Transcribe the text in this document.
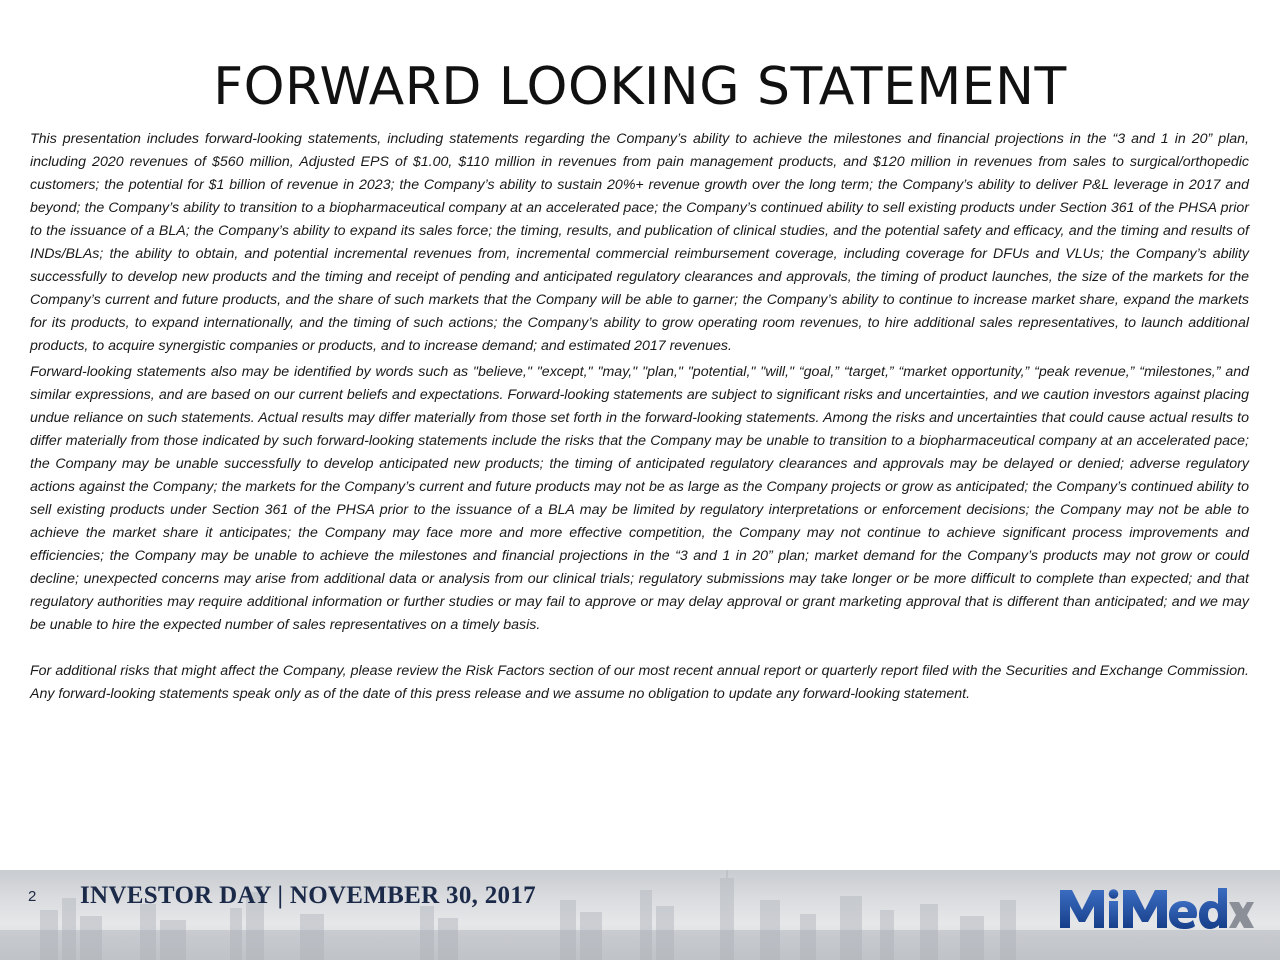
FORWARD LOOKING STATEMENT

This presentation includes forward-looking statements, including statements regarding the Company’s ability to achieve the milestones and financial projections in the “3 and 1 in 20” plan, including 2020 revenues of $560 million, Adjusted EPS of $1.00, $110 million in revenues from pain management products, and $120 million in revenues from sales to surgical/orthopedic customers; the potential for $1 billion of revenue in 2023; the Company’s ability to sustain 20%+ revenue growth over the long term; the Company’s ability to deliver P&L leverage in 2017 and beyond; the Company’s ability to transition to a biopharmaceutical company at an accelerated pace; the Company’s continued ability to sell existing products under Section 361 of the PHSA prior to the issuance of a BLA; the Company’s ability to expand its sales force; the timing, results, and publication of clinical studies, and the potential safety and efficacy, and the timing and results of INDs/BLAs; the ability to obtain, and potential incremental revenues from, incremental commercial reimbursement coverage, including coverage for DFUs and VLUs; the Company’s ability successfully to develop new products and the timing and receipt of pending and anticipated regulatory clearances and approvals, the timing of product launches, the size of the markets for the Company’s current and future products, and the share of such markets that the Company will be able to garner; the Company’s ability to continue to increase market share, expand the markets for its products, to expand internationally, and the timing of such actions; the Company’s ability to grow operating room revenues, to hire additional sales representatives, to launch additional products, to acquire synergistic companies or products, and to increase demand; and estimated 2017 revenues.

Forward-looking statements also may be identified by words such as "believe," "except," "may," "plan," "potential," "will," “goal,” “target,” “market opportunity,” “peak revenue,” “milestones,” and similar expressions, and are based on our current beliefs and expectations. Forward-looking statements are subject to significant risks and uncertainties, and we caution investors against placing undue reliance on such statements. Actual results may differ materially from those set forth in the forward-looking statements. Among the risks and uncertainties that could cause actual results to differ materially from those indicated by such forward-looking statements include the risks that the Company may be unable to transition to a biopharmaceutical company at an accelerated pace; the Company may be unable successfully to develop anticipated new products; the timing of anticipated regulatory clearances and approvals may be delayed or denied; adverse regulatory actions against the Company; the markets for the Company’s current and future products may not be as large as the Company projects or grow as anticipated; the Company’s continued ability to sell existing products under Section 361 of the PHSA prior to the issuance of a BLA may be limited by regulatory interpretations or enforcement decisions; the Company may not be able to achieve the market share it anticipates; the Company may face more and more effective competition, the Company may not continue to achieve significant process improvements and efficiencies; the Company may be unable to achieve the milestones and financial projections in the “3 and 1 in 20” plan; market demand for the Company’s products may not grow or could decline; unexpected concerns may arise from additional data or analysis from our clinical trials; regulatory submissions may take longer or be more difficult to complete than expected; and that regulatory authorities may require additional information or further studies or may fail to approve or may delay approval or grant marketing approval that is different than anticipated; and we may be unable to hire the expected number of sales representatives on a timely basis.

For additional risks that might affect the Company, please review the Risk Factors section of our most recent annual report or quarterly report filed with the Securities and Exchange Commission. Any forward-looking statements speak only as of the date of this press release and we assume no obligation to update any forward-looking statement.

2 INVESTOR DAY | NOVEMBER 30, 2017
